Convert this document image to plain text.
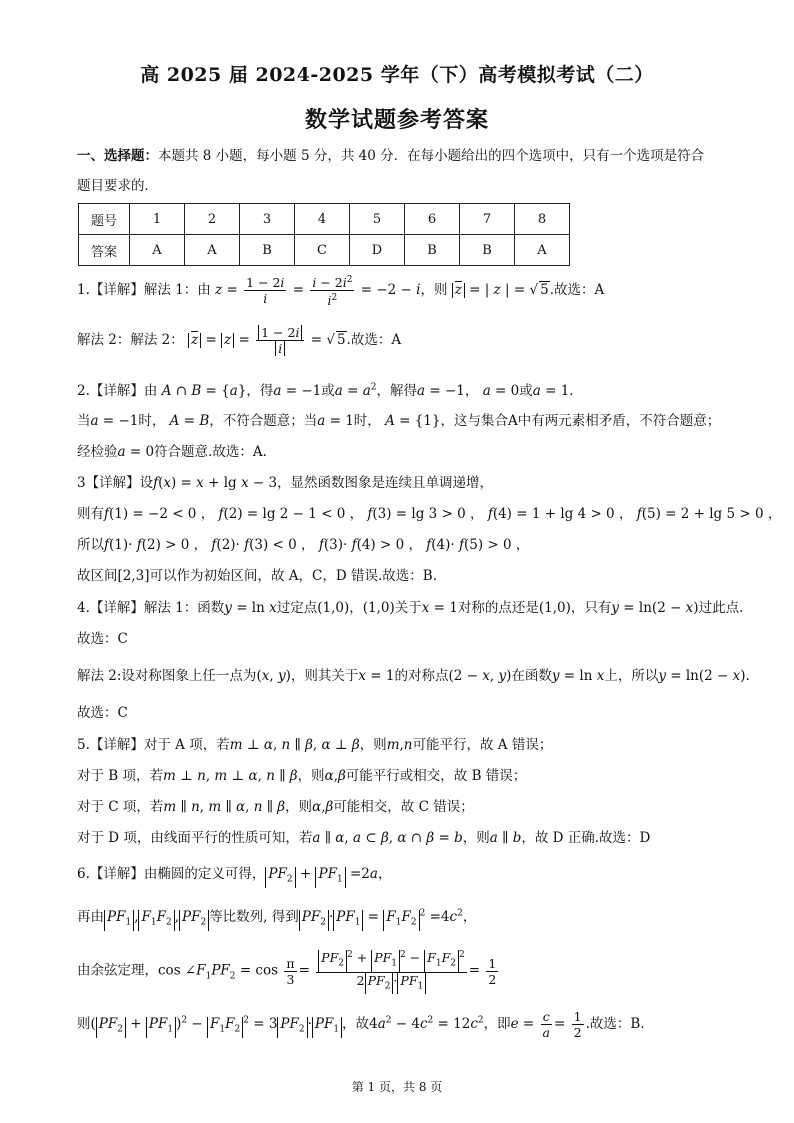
高 2025 届 2024-2025 学年（下）高考模拟考试（二）
数学试题参考答案
一、选择题：本题共 8 小题，每小题 5 分，共 40 分．在每小题给出的四个选项中，只有一个选项是符合
题目要求的．
题号	1	2	3	4	5	6	7	8
答案	A	A	B	C	D	B	B	A
1.【详解】解法 1：由 $z = \frac{1 - 2i}{i} = \frac{i - 2i^2}{i^2} = -2 - i$，则 $\overline{z}$ = | z | = √ 5.故选：A
解法 2：解法 2： $\overline{z} = z = \frac{1 - 2i}{i}$ = √ 5.故选：A
2.【详解】由 A ∩ B = {a}，得a = −1或$a = a^2$，解得a = −1， a = 0或a = 1．
当a = −1时， A = B，不符合题意；当a = 1时， A = {1}，这与集合A中有两元素相矛盾，不符合题意；
经检验a = 0符合题意.故选：A.
3【详解】设f(x) = x + lg x − 3，显然函数图象是连续且单调递增，
则有f(1) = −2 < 0 ， f(2) = lg 2 − 1 < 0 ， f(3) = lg 3 > 0 ， f(4) = 1 + lg 4 > 0 ， f(5) = 2 + lg 5 > 0 ，
所以f(1)· f(2) > 0 ， f(2)· f(3) < 0 ， f(3)· f(4) > 0 ， f(4)· f(5) > 0 ，
故区间[2,3]可以作为初始区间，故 A，C，D 错误.故选：B.
4.【详解】解法 1：函数y = ln x过定点(1,0)，(1,0)关于x = 1对称的点还是(1,0)，只有y = ln(2 − x)过此点.
故选：C
解法 2:设对称图象上任一点为(x, y)，则其关于x = 1的对称点(2 − x, y)在函数y = ln x上，所以y = ln(2 − x).
故选：C
5.【详解】对于 A 项，若m ⊥ α, n ∥ β, α ⊥ β，则m,n可能平行，故 A 错误；
对于 B 项，若m ⊥ n, m ⊥ α, n ∥ β，则α,β可能平行或相交，故 B 错误；
对于 C 项，若m ∥ n, m ∥ α, n ∥ β，则α,β可能相交，故 C 错误；
对于 D 项，由线面平行的性质可知，若a ∥ α, a ⊂ β, α ∩ β = b，则a ∥ b，故 D 正确.故选：D
6.【详解】由椭圆的定义可得， $PF_2 + PF_1 =2a$，
再由 $PF_1$ , $F_1F_2$ , $PF_2$ 等比数列, 得到 $PF_2 \cdot PF_1 = F_1F_2^2 =4c^2$，
由余弦定理，$\cos \angle F_1PF_2 = \cos \frac{\pi}{3} = \frac{PF_2^2 + PF_1^2 - F_1F_2^2}{2 PF_2 \cdot PF_1} = \frac{1}{2}$
则( $PF_2 + PF_1$ )$^2 - F_1F_2^2 = 3$ $PF_2 \cdot PF_1$ ，故$4a^2 - 4c^2 = 12c^2$，即$e = \frac{c}{a} = \frac{1}{2}$ .故选：B.
第 1 页，共 8 页
